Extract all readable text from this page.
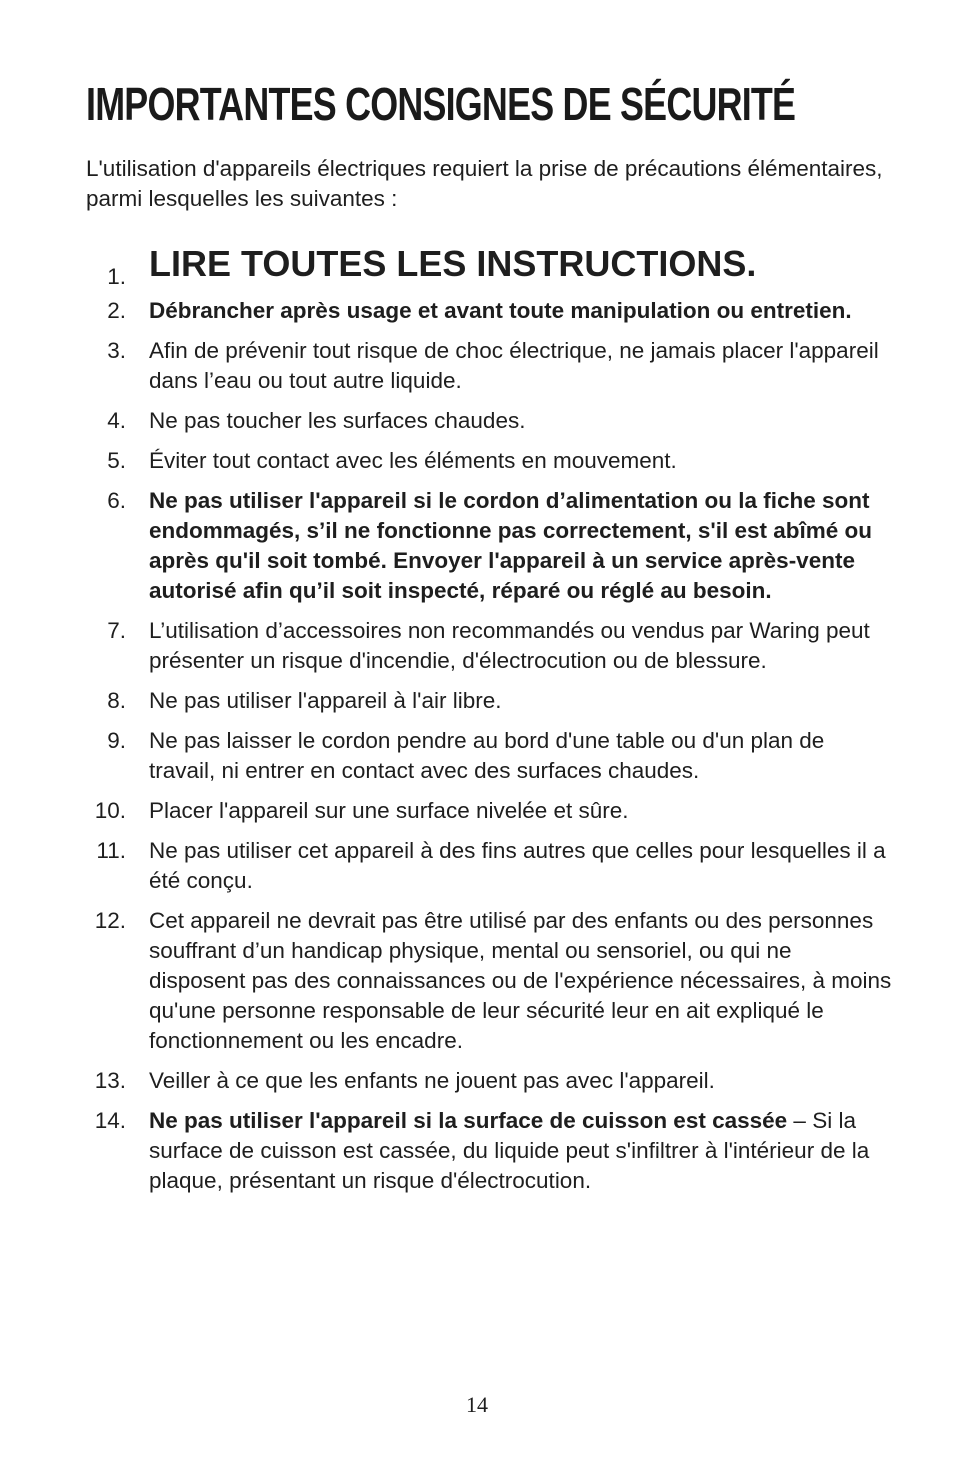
IMPORTANTES CONSIGNES DE SÉCURITÉ

L'utilisation d'appareils électriques requiert la prise de précautions élémentaires, parmi lesquelles les suivantes :

1. LIRE TOUTES LES INSTRUCTIONS.
2. Débrancher après usage et avant toute manipulation ou entretien.
3. Afin de prévenir tout risque de choc électrique, ne jamais placer l'appareil dans l’eau ou tout autre liquide.
4. Ne pas toucher les surfaces chaudes.
5. Éviter tout contact avec les éléments en mouvement.
6. Ne pas utiliser l'appareil si le cordon d’alimentation ou la fiche sont endommagés, s’il ne fonctionne pas correctement, s'il est abîmé ou après qu'il soit tombé. Envoyer l'appareil à un service après-vente autorisé afin qu’il soit inspecté, réparé ou réglé au besoin.
7. L’utilisation d’accessoires non recommandés ou vendus par Waring peut présenter un risque d'incendie, d'électrocution ou de blessure.
8. Ne pas utiliser l'appareil à l'air libre.
9. Ne pas laisser le cordon pendre au bord d'une table ou d'un plan de travail, ni entrer en contact avec des surfaces chaudes.
10. Placer l'appareil sur une surface nivelée et sûre.
11. Ne pas utiliser cet appareil à des fins autres que celles pour lesquelles il a été conçu.
12. Cet appareil ne devrait pas être utilisé par des enfants ou des personnes souffrant d’un handicap physique, mental ou sensoriel, ou qui ne disposent pas des connaissances ou de l'expérience nécessaires, à moins qu'une personne responsable de leur sécurité leur en ait expliqué le fonctionnement ou les encadre.
13. Veiller à ce que les enfants ne jouent pas avec l'appareil.
14. Ne pas utiliser l'appareil si la surface de cuisson est cassée – Si la surface de cuisson est cassée, du liquide peut s'infiltrer à l'intérieur de la plaque, présentant un risque d'électrocution.
14
